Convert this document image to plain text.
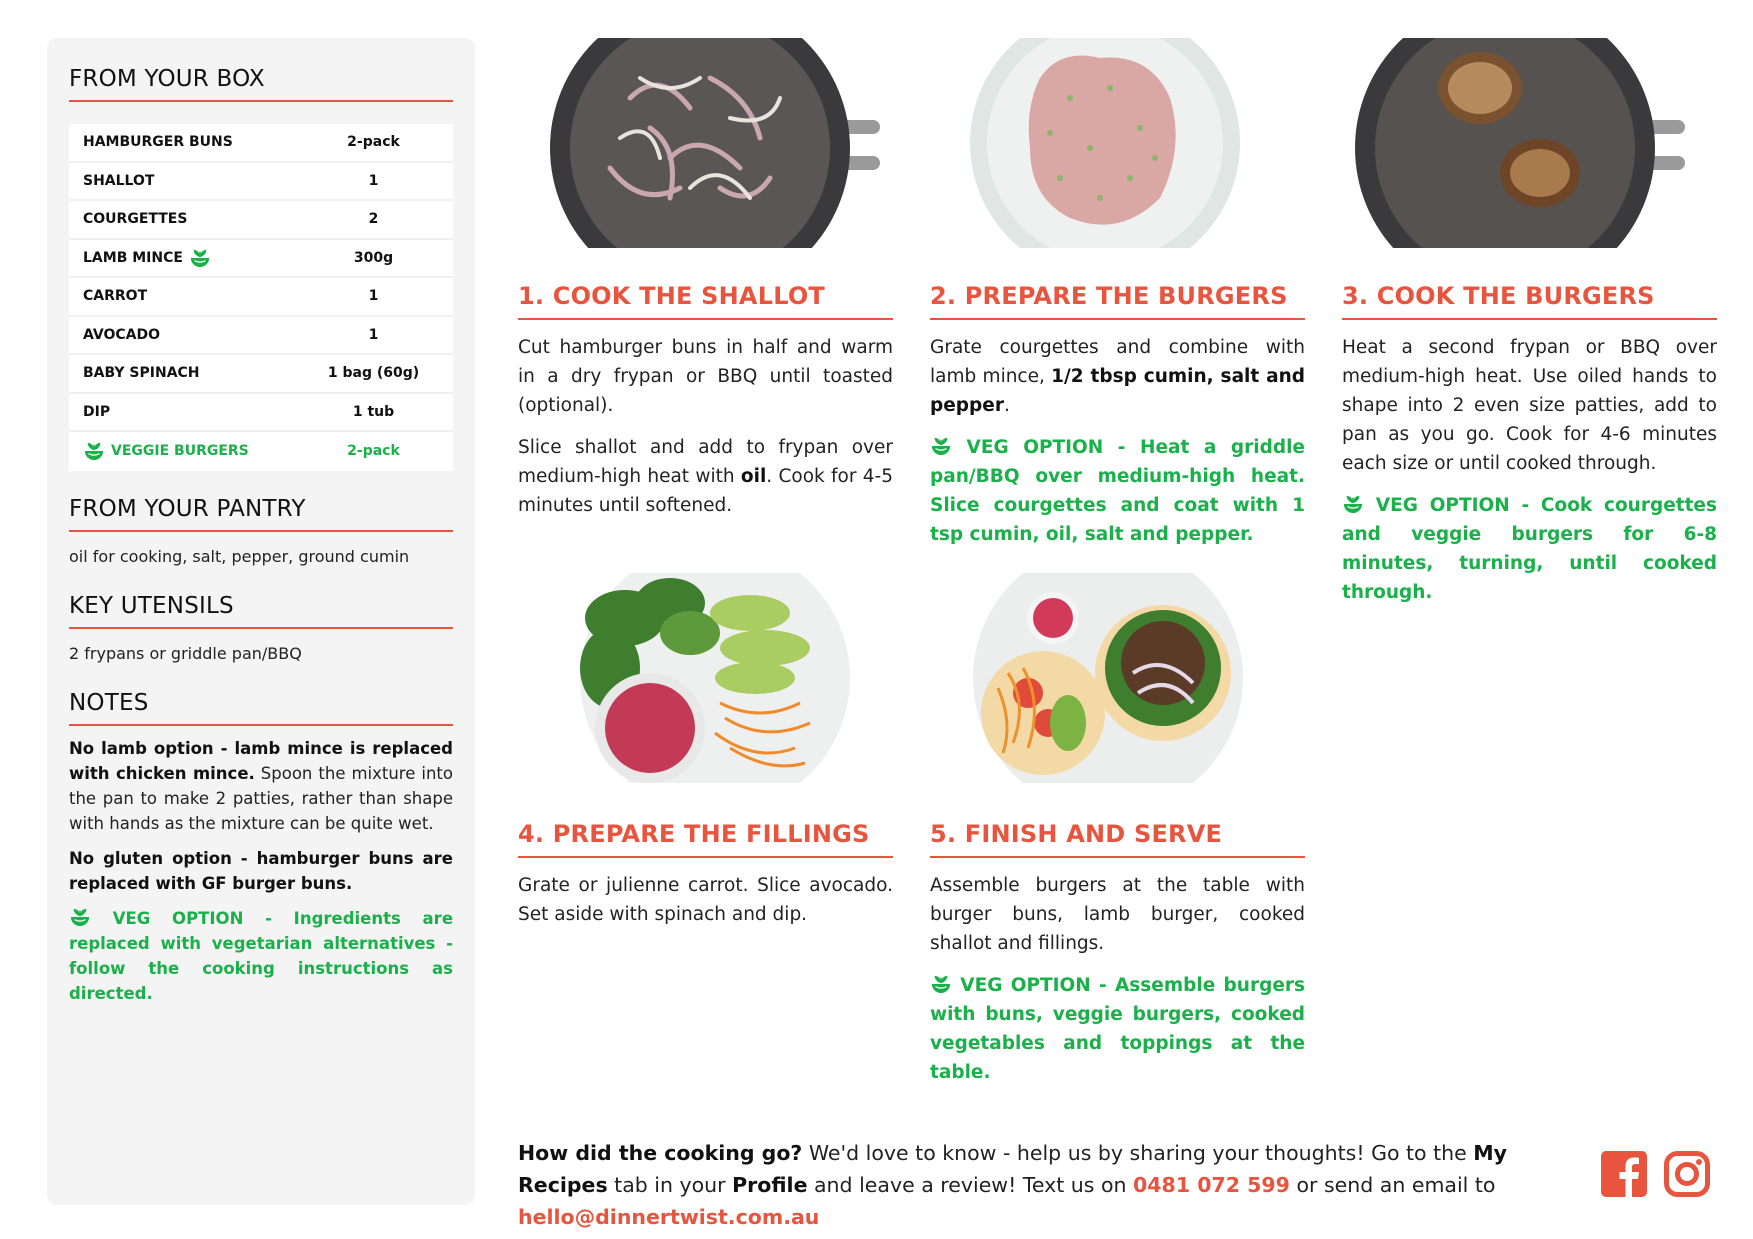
FROM YOUR BOX
HAMBURGER BUNS	2-pack
SHALLOT	1
COURGETTES	2
LAMB MINCE	300g
CARROT	1
AVOCADO	1
BABY SPINACH	1 bag (60g)
DIP	1 tub
VEGGIE BURGERS	2-pack
FROM YOUR PANTRY
oil for cooking, salt, pepper, ground cumin
KEY UTENSILS
2 frypans or griddle pan/BBQ
NOTES

No lamb option - lamb mince is replaced with chicken mince. Spoon the mixture into the pan to make 2 patties, rather than shape with hands as the mixture can be quite wet.

No gluten option - hamburger buns are replaced with GF burger buns.

VEG OPTION - Ingredients are replaced with vegetarian alternatives - follow the cooking instructions as directed.

1. COOK THE SHALLOT

Cut hamburger buns in half and warm in a dry frypan or BBQ until toasted (optional).

Slice shallot and add to frypan over medium-high heat with oil. Cook for 4-5 minutes until softened.

2. PREPARE THE BURGERS

Grate courgettes and combine with lamb mince, 1/2 tbsp cumin, salt and pepper.

VEG OPTION - Heat a griddle pan/BBQ over medium-high heat. Slice courgettes and coat with 1 tsp cumin, oil, salt and pepper.

3. COOK THE BURGERS

Heat a second frypan or BBQ over medium-high heat. Use oiled hands to shape into 2 even size patties, add to pan as you go. Cook for 4-6 minutes each size or until cooked through.

VEG OPTION - Cook courgettes and veggie burgers for 6-8 minutes, turning, until cooked through.

4. PREPARE THE FILLINGS

Grate or julienne carrot. Slice avocado. Set aside with spinach and dip.

5. FINISH AND SERVE

Assemble burgers at the table with burger buns, lamb burger, cooked shallot and fillings.

VEG OPTION - Assemble burgers with buns, veggie burgers, cooked vegetables and toppings at the table.

How did the cooking go? We'd love to know - help us by sharing your thoughts! Go to the My Recipes tab in your Profile and leave a review! Text us on 0481 072 599 or send an email to hello@dinnertwist.com.au
